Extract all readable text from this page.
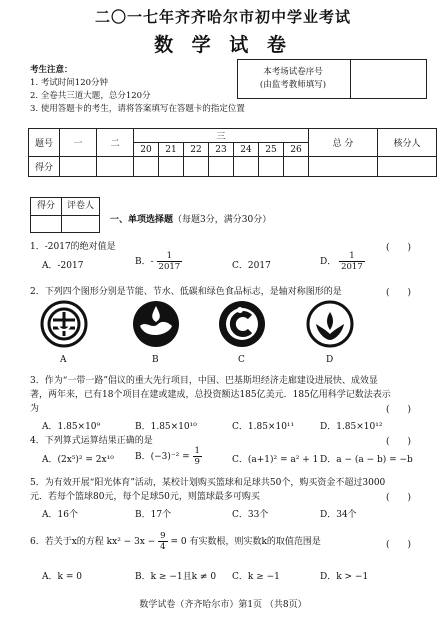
二〇一七年齐齐哈尔市初中学业考试
数 学 试 卷
考生注意：
1. 考试时间120分钟
2. 全卷共三道大题，总分120分
3. 使用答题卡的考生，请将答案填写在答题卡的指定位置
本考场试卷序号
(由监考教师填写)
题号	一	二	三							总 分	核分人
			20	21	22	23	24	25	26		
得分											
得分	评卷人
一、单项选择题（每题3分，满分30分）
1．-2017的绝对值是	(　　)
A．-2017	B．- $\frac{1}{2017}$	C．2017	D． $\frac{1}{2017}$
2．下列四个图形分别是节能、节水、低碳和绿色食品标志，是轴对称图形的是	(　　)
A	B	C	D
3．作为“一带一路”倡议的重大先行项目，中国、巴基斯坦经济走廊建设进展快、成效显
著，两年来，已有18个项目在建或建成，总投资额达185亿美元．185亿用科学记数法表示
为	(　　)
A．1.85×10⁹	B．1.85×10¹⁰	C．1.85×10¹¹	D．1.85×10¹²
4．下列算式运算结果正确的是	(　　)
A．(2x⁵)² = 2x¹⁰ B．$(-3)^{-2} = \frac{1}{9}$	C．(a+1)² = a² + 1 D．a − (a − b) = −b
5．为有效开展“阳光体育”活动，某校计划购买篮球和足球共50个，购买资金不超过3000
元．若每个篮球80元，每个足球50元，则篮球最多可购买	(　　)
A．16个	B．17个	C．33个	D．34个
6．若关于x的方程 $kx^2 - 3x - \frac{9}{4} = 0$ 有实数根，则实数k的取值范围是	(　　)
A．k = 0	B．k ≥ −1且k ≠ 0 C．k ≥ −1	D．k > −1
数学试卷（齐齐哈尔市）第1页 （共8页）
